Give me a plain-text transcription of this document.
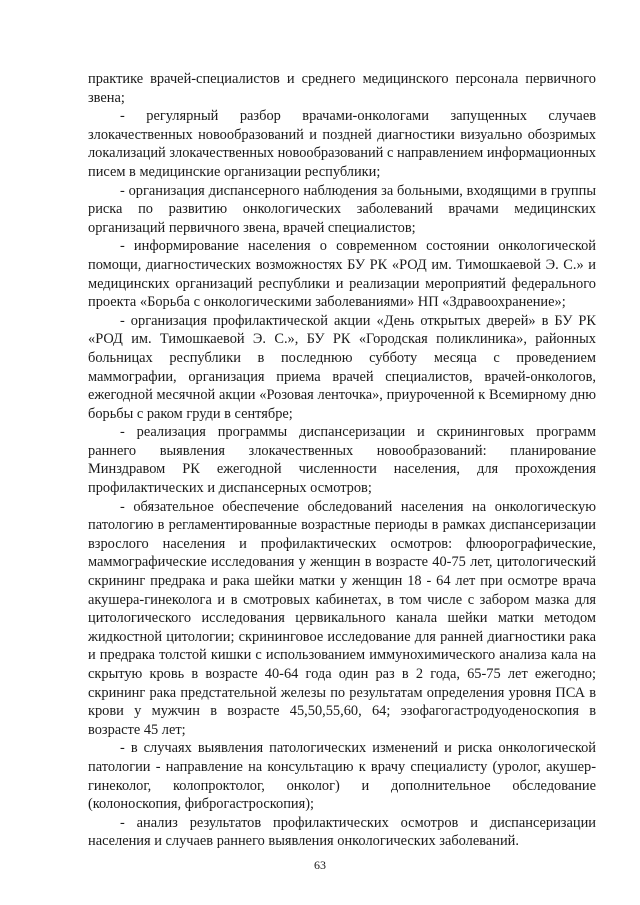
практике врачей-специалистов и среднего медицинского персонала первичного звена;

- регулярный разбор врачами-онкологами запущенных случаев злокачественных новообразований и поздней диагностики визуально обозримых локализаций злокачественных новообразований с направлением информационных писем в медицинские организации республики;

- организация диспансерного наблюдения за больными, входящими в группы риска по развитию онкологических заболеваний врачами медицинских организаций первичного звена, врачей специалистов;

- информирование населения о современном состоянии онкологической помощи, диагностических возможностях БУ РК «РОД им. Тимошкаевой Э. С.» и медицинских организаций республики и реализации мероприятий федерального проекта «Борьба с онкологическими заболеваниями» НП «Здравоохранение»;

- организация профилактической акции «День открытых дверей» в БУ РК «РОД им. Тимошкаевой Э. С.», БУ РК «Городская поликлиника», районных больницах республики в последнюю субботу месяца с проведением маммографии, организация приема врачей специалистов, врачей-онкологов, ежегодной месячной акции «Розовая ленточка», приуроченной к Всемирному дню борьбы с раком груди в сентябре;

- реализация программы диспансеризации и скрининговых программ раннего выявления злокачественных новообразований: планирование Минздравом РК ежегодной численности населения, для прохождения профилактических и диспансерных осмотров;

- обязательное обеспечение обследований населения на онкологическую патологию в регламентированные возрастные периоды в рамках диспансеризации взрослого населения и профилактических осмотров: флюорографические, маммографические исследования у женщин в возрасте 40-75 лет, цитологический скрининг предрака и рака шейки матки у женщин 18 - 64 лет при осмотре врача акушера-гинеколога и в смотровых кабинетах, в том числе с забором мазка для цитологического исследования цервикального канала шейки матки методом жидкостной цитологии; скрининговое исследование для ранней диагностики рака и предрака толстой кишки с использованием иммунохимического анализа кала на скрытую кровь в возрасте 40-64 года один раз в 2 года, 65-75 лет ежегодно; скрининг рака предстательной железы по результатам определения уровня ПСА в крови у мужчин в возрасте 45,50,55,60, 64; эзофагогастродуоденоскопия в возрасте 45 лет;

- в случаях выявления патологических изменений и риска онкологической патологии - направление на консультацию к врачу специалисту (уролог, акушер-гинеколог, колопроктолог, онколог) и дополнительное обследование (колоноскопия, фиброгастроскопия);

- анализ результатов профилактических осмотров и диспансеризации населения и случаев раннего выявления онкологических заболеваний.

63
